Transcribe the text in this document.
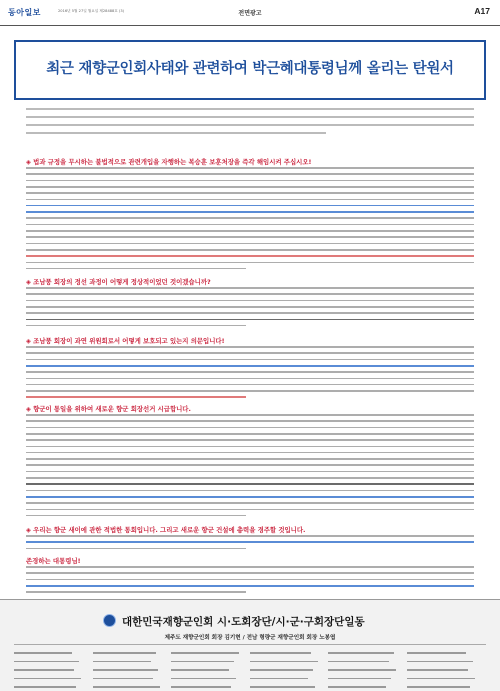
동아일보	2016년 5월 27일 월요일 제28488호 (3)	전면광고	A17
최근 재향군인회사태와 관련하여 박근혜대통령님께 올리는 탄원서
◈ 법과 규정을 무시하는 불법적으로 관련개입을 자행하는 복승훈 보훈처장을 즉각 해임시켜 주십시오!
◈ 조남풍 회장의 정선 과정이 어떻게 정상적이었던 것이겠습니까?
◈ 조남풍 회장이 과연 위원회로서 어떻게 보호되고 있는지 의문입니다!
◈ 향군이 통일을 위하여 새로운 향군 회장선거 시급합니다.
◈ 우리는 향군 새이에 관한 적법한 통회입니다. 그리고 새로운 향군 건설에 총력을 경주할 것입니다.
존경하는 대통령님!
대한민국재향군인회 시·도회장단/시·군·구회장단일동
제주도 재향군인회 회장 김기현 / 전남 형량군 재향군인회 회장 노봉엽
